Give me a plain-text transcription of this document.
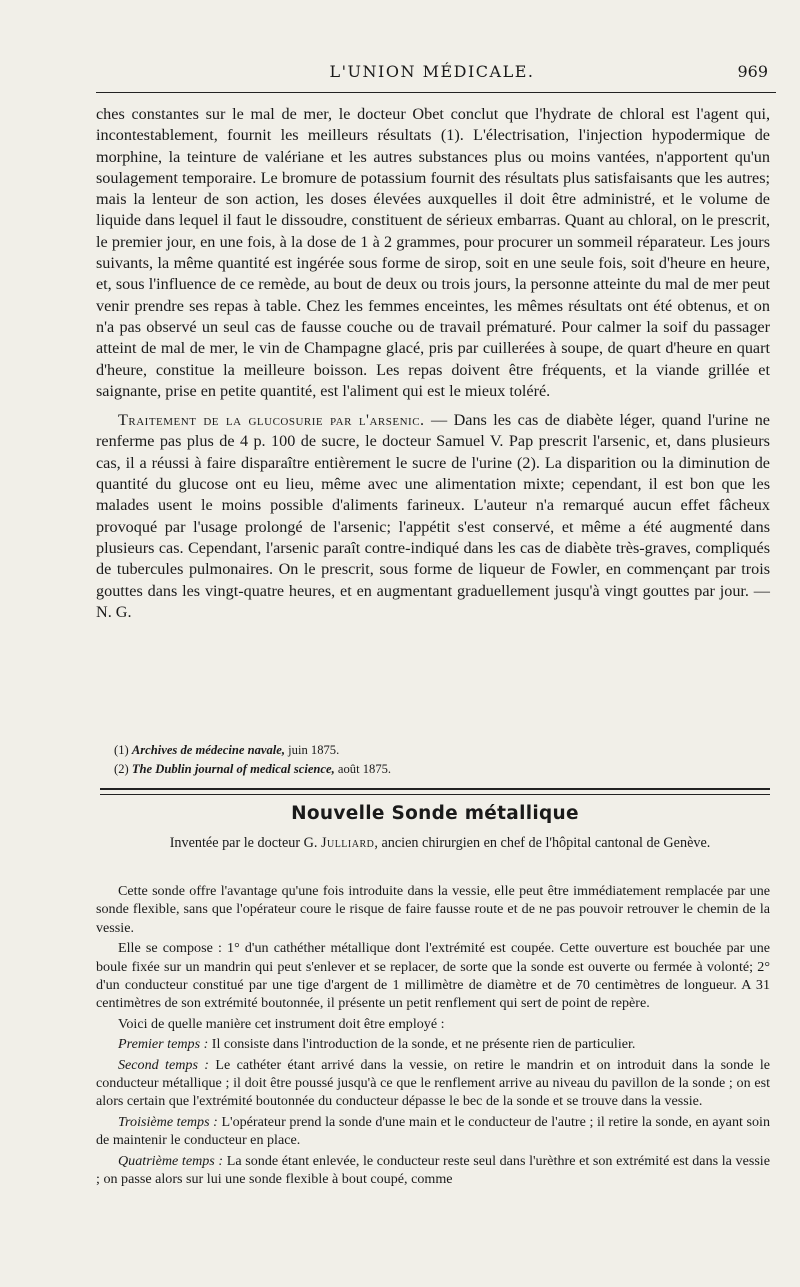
L'UNION MÉDICALE.	969

ches constantes sur le mal de mer, le docteur Obet conclut que l'hydrate de chloral est l'agent qui, incontestablement, fournit les meilleurs résultats (1). L'électrisation, l'injection hypodermique de morphine, la teinture de valériane et les autres substances plus ou moins vantées, n'apportent qu'un soulagement temporaire. Le bromure de potassium fournit des résultats plus satisfaisants que les autres; mais la lenteur de son action, les doses élevées auxquelles il doit être administré, et le volume de liquide dans lequel il faut le dissoudre, constituent de sérieux embarras. Quant au chloral, on le prescrit, le premier jour, en une fois, à la dose de 1 à 2 grammes, pour procurer un sommeil réparateur. Les jours suivants, la même quantité est ingérée sous forme de sirop, soit en une seule fois, soit d'heure en heure, et, sous l'influence de ce remède, au bout de deux ou trois jours, la personne atteinte du mal de mer peut venir prendre ses repas à table. Chez les femmes enceintes, les mêmes résultats ont été obtenus, et on n'a pas observé un seul cas de fausse couche ou de travail prématuré. Pour calmer la soif du passager atteint de mal de mer, le vin de Champagne glacé, pris par cuillerées à soupe, de quart d'heure en quart d'heure, constitue la meilleure boisson. Les repas doivent être fréquents, et la viande grillée et saignante, prise en petite quantité, est l'aliment qui est le mieux toléré.

Traitement de la glucosurie par l'arsenic. — Dans les cas de diabète léger, quand l'urine ne renferme pas plus de 4 p. 100 de sucre, le docteur Samuel V. Pap prescrit l'arsenic, et, dans plusieurs cas, il a réussi à faire disparaître entièrement le sucre de l'urine (2). La disparition ou la diminution de quantité du glucose ont eu lieu, même avec une alimentation mixte; cependant, il est bon que les malades usent le moins possible d'aliments farineux. L'auteur n'a remarqué aucun effet fâcheux provoqué par l'usage prolongé de l'arsenic; l'appétit s'est conservé, et même a été augmenté dans plusieurs cas. Cependant, l'arsenic paraît contre-indiqué dans les cas de diabète très-graves, compliqués de tubercules pulmonaires. On le prescrit, sous forme de liqueur de Fowler, en commençant par trois gouttes dans les vingt-quatre heures, et en augmentant graduellement jusqu'à vingt gouttes par jour. — N. G.

(1) Archives de médecine navale, juin 1875.
(2) The Dublin journal of medical science, août 1875.
Nouvelle Sonde métallique
Inventée par le docteur G. Julliard, ancien chirurgien en chef de l'hôpital cantonal de Genève.

Cette sonde offre l'avantage qu'une fois introduite dans la vessie, elle peut être immédiatement remplacée par une sonde flexible, sans que l'opérateur coure le risque de faire fausse route et de ne pas pouvoir retrouver le chemin de la vessie.

Elle se compose : 1° d'un cathéther métallique dont l'extrémité est coupée. Cette ouverture est bouchée par une boule fixée sur un mandrin qui peut s'enlever et se replacer, de sorte que la sonde est ouverte ou fermée à volonté; 2° d'un conducteur constitué par une tige d'argent de 1 millimètre de diamètre et de 70 centimètres de longueur. A 31 centimètres de son extrémité boutonnée, il présente un petit renflement qui sert de point de repère.

Voici de quelle manière cet instrument doit être employé :

Premier temps : Il consiste dans l'introduction de la sonde, et ne présente rien de particulier.

Second temps : Le cathéter étant arrivé dans la vessie, on retire le mandrin et on introduit dans la sonde le conducteur métallique ; il doit être poussé jusqu'à ce que le renflement arrive au niveau du pavillon de la sonde ; on est alors certain que l'extrémité boutonnée du conducteur dépasse le bec de la sonde et se trouve dans la vessie.

Troisième temps : L'opérateur prend la sonde d'une main et le conducteur de l'autre ; il retire la sonde, en ayant soin de maintenir le conducteur en place.

Quatrième temps : La sonde étant enlevée, le conducteur reste seul dans l'urèthre et son extrémité est dans la vessie ; on passe alors sur lui une sonde flexible à bout coupé, comme
